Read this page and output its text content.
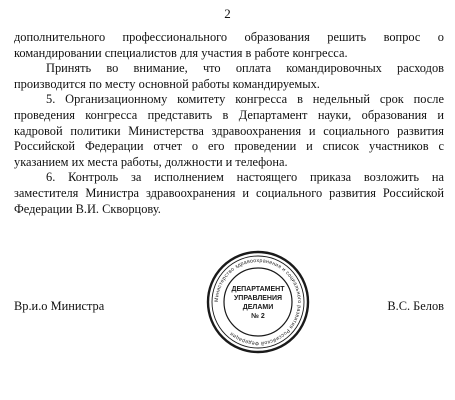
2
дополнительного профессионального образования решить вопрос о
командировании специалистов для участия в работе конгресса.
Принять во внимание, что оплата командировочных расходов
производится по месту основной работы командируемых.
5. Организационному комитету конгресса в недельный срок после
проведения конгресса представить в Департамент науки, образования и
кадровой политики Министерства здравоохранения и социального развития
Российской Федерации отчет о его проведении и список участников с
указанием их места работы, должности и телефона.
6. Контроль за исполнением настоящего приказа возложить на
заместителя Министра здравоохранения и социального развития Российской
Федерации В.И. Скворцову.
Министерство здравоохранения и социального развития Российской Федерации
ДЕПАРТАМЕНТ
УПРАВЛЕНИЯ
ДЕЛАМИ
№ 2
Вр.и.о Министра	В.С. Белов
